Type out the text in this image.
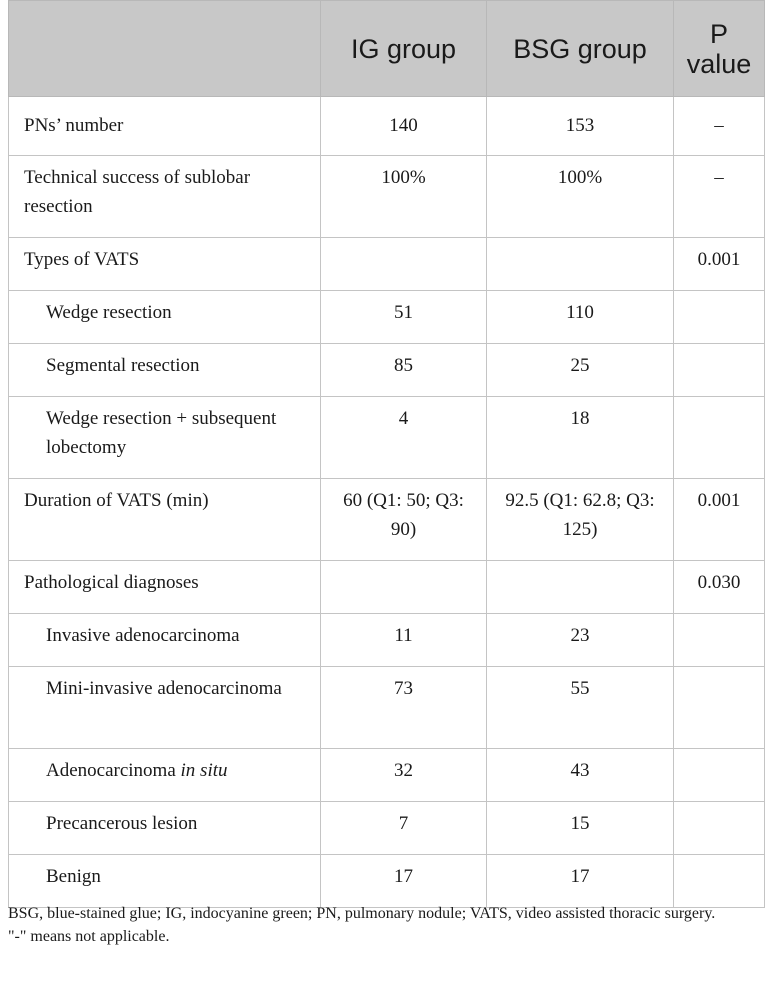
	IG group	BSG group	P value
PNs’ number	140	153	–
Technical success of sublobar resection	100%	100%	–
Types of VATS			0.001
Wedge resection	51	110	
Segmental resection	85	25	
Wedge resection + subsequent lobectomy	4	18	
Duration of VATS (min)	60 (Q1: 50; Q3: 90)	92.5 (Q1: 62.8; Q3: 125)	0.001
Pathological diagnoses			0.030
Invasive adenocarcinoma	11	23	
Mini-invasive adenocarcinoma	73	55	
Adenocarcinoma in situ	32	43	
Precancerous lesion	7	15	
Benign	17	17	

BSG, blue-stained glue; IG, indocyanine green; PN, pulmonary nodule; VATS, video assisted thoracic surgery.

"-" means not applicable.
